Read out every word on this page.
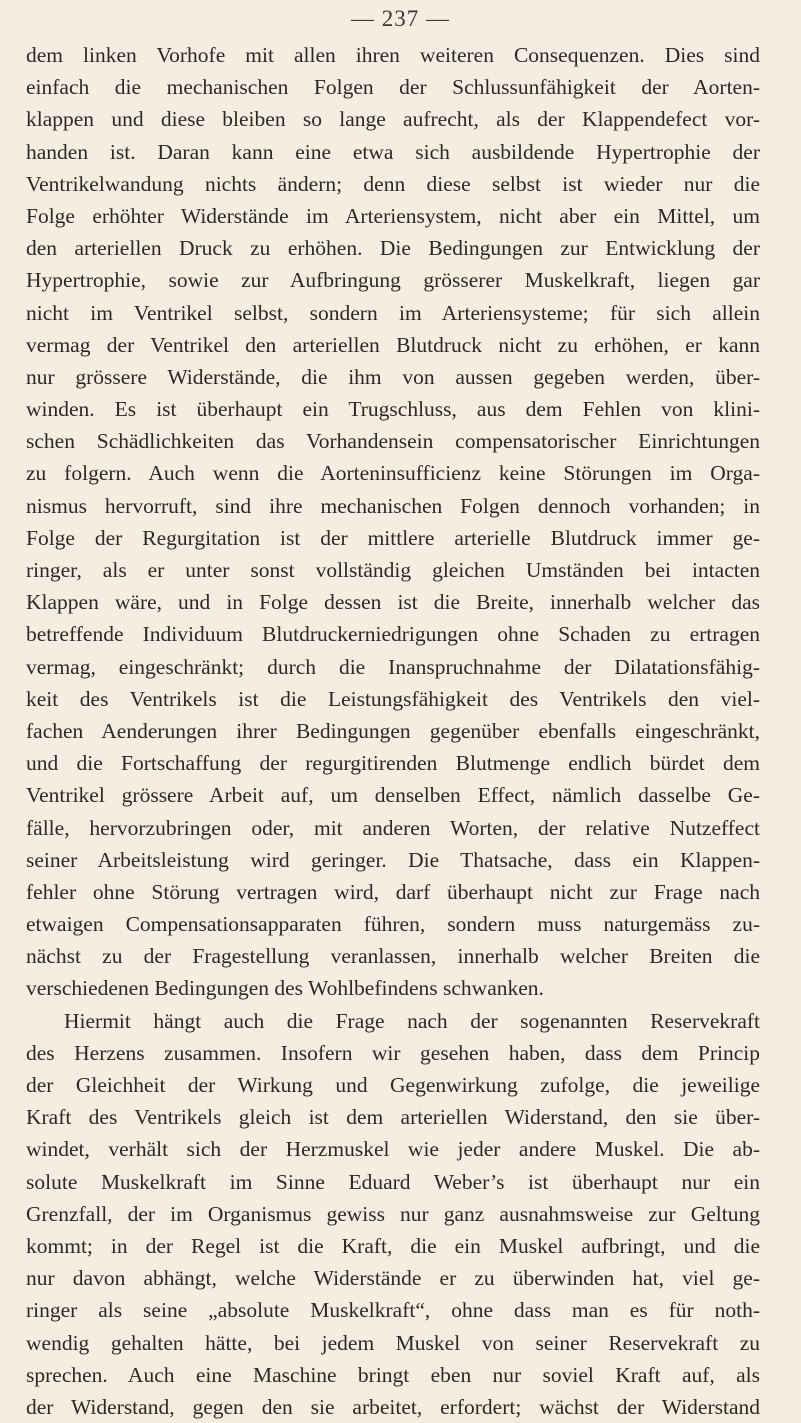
— 237 —
dem linken Vorhofe mit allen ihren weiteren Consequenzen. Dies sind
einfach die mechanischen Folgen der Schlussunfähigkeit der Aorten-
klappen und diese bleiben so lange aufrecht, als der Klappendefect vor-
handen ist. Daran kann eine etwa sich ausbildende Hypertrophie der
Ventrikelwandung nichts ändern; denn diese selbst ist wieder nur die
Folge erhöhter Widerstände im Arteriensystem, nicht aber ein Mittel, um
den arteriellen Druck zu erhöhen. Die Bedingungen zur Entwicklung der
Hypertrophie, sowie zur Aufbringung grösserer Muskelkraft, liegen gar
nicht im Ventrikel selbst, sondern im Arteriensysteme; für sich allein
vermag der Ventrikel den arteriellen Blutdruck nicht zu erhöhen, er kann
nur grössere Widerstände, die ihm von aussen gegeben werden, über-
winden. Es ist überhaupt ein Trugschluss, aus dem Fehlen von klini-
schen Schädlichkeiten das Vorhandensein compensatorischer Einrichtungen
zu folgern. Auch wenn die Aorteninsufficienz keine Störungen im Orga-
nismus hervorruft, sind ihre mechanischen Folgen dennoch vorhanden; in
Folge der Regurgitation ist der mittlere arterielle Blutdruck immer ge-
ringer, als er unter sonst vollständig gleichen Umständen bei intacten
Klappen wäre, und in Folge dessen ist die Breite, innerhalb welcher das
betreffende Individuum Blutdruckerniedrigungen ohne Schaden zu ertragen
vermag, eingeschränkt; durch die Inanspruchnahme der Dilatationsfähig-
keit des Ventrikels ist die Leistungsfähigkeit des Ventrikels den viel-
fachen Aenderungen ihrer Bedingungen gegenüber ebenfalls eingeschränkt,
und die Fortschaffung der regurgitirenden Blutmenge endlich bürdet dem
Ventrikel grössere Arbeit auf, um denselben Effect, nämlich dasselbe Ge-
fälle, hervorzubringen oder, mit anderen Worten, der relative Nutzeffect
seiner Arbeitsleistung wird geringer. Die Thatsache, dass ein Klappen-
fehler ohne Störung vertragen wird, darf überhaupt nicht zur Frage nach
etwaigen Compensationsapparaten führen, sondern muss naturgemäss zu-
nächst zu der Fragestellung veranlassen, innerhalb welcher Breiten die
verschiedenen Bedingungen des Wohlbefindens schwanken.
Hiermit hängt auch die Frage nach der sogenannten Reservekraft
des Herzens zusammen. Insofern wir gesehen haben, dass dem Princip
der Gleichheit der Wirkung und Gegenwirkung zufolge, die jeweilige
Kraft des Ventrikels gleich ist dem arteriellen Widerstand, den sie über-
windet, verhält sich der Herzmuskel wie jeder andere Muskel. Die ab-
solute Muskelkraft im Sinne Eduard Weber’s ist überhaupt nur ein
Grenzfall, der im Organismus gewiss nur ganz ausnahmsweise zur Geltung
kommt; in der Regel ist die Kraft, die ein Muskel aufbringt, und die
nur davon abhängt, welche Widerstände er zu überwinden hat, viel ge-
ringer als seine „absolute Muskelkraft“, ohne dass man es für noth-
wendig gehalten hätte, bei jedem Muskel von seiner Reservekraft zu
sprechen. Auch eine Maschine bringt eben nur soviel Kraft auf, als
der Widerstand, gegen den sie arbeitet, erfordert; wächst der Widerstand
